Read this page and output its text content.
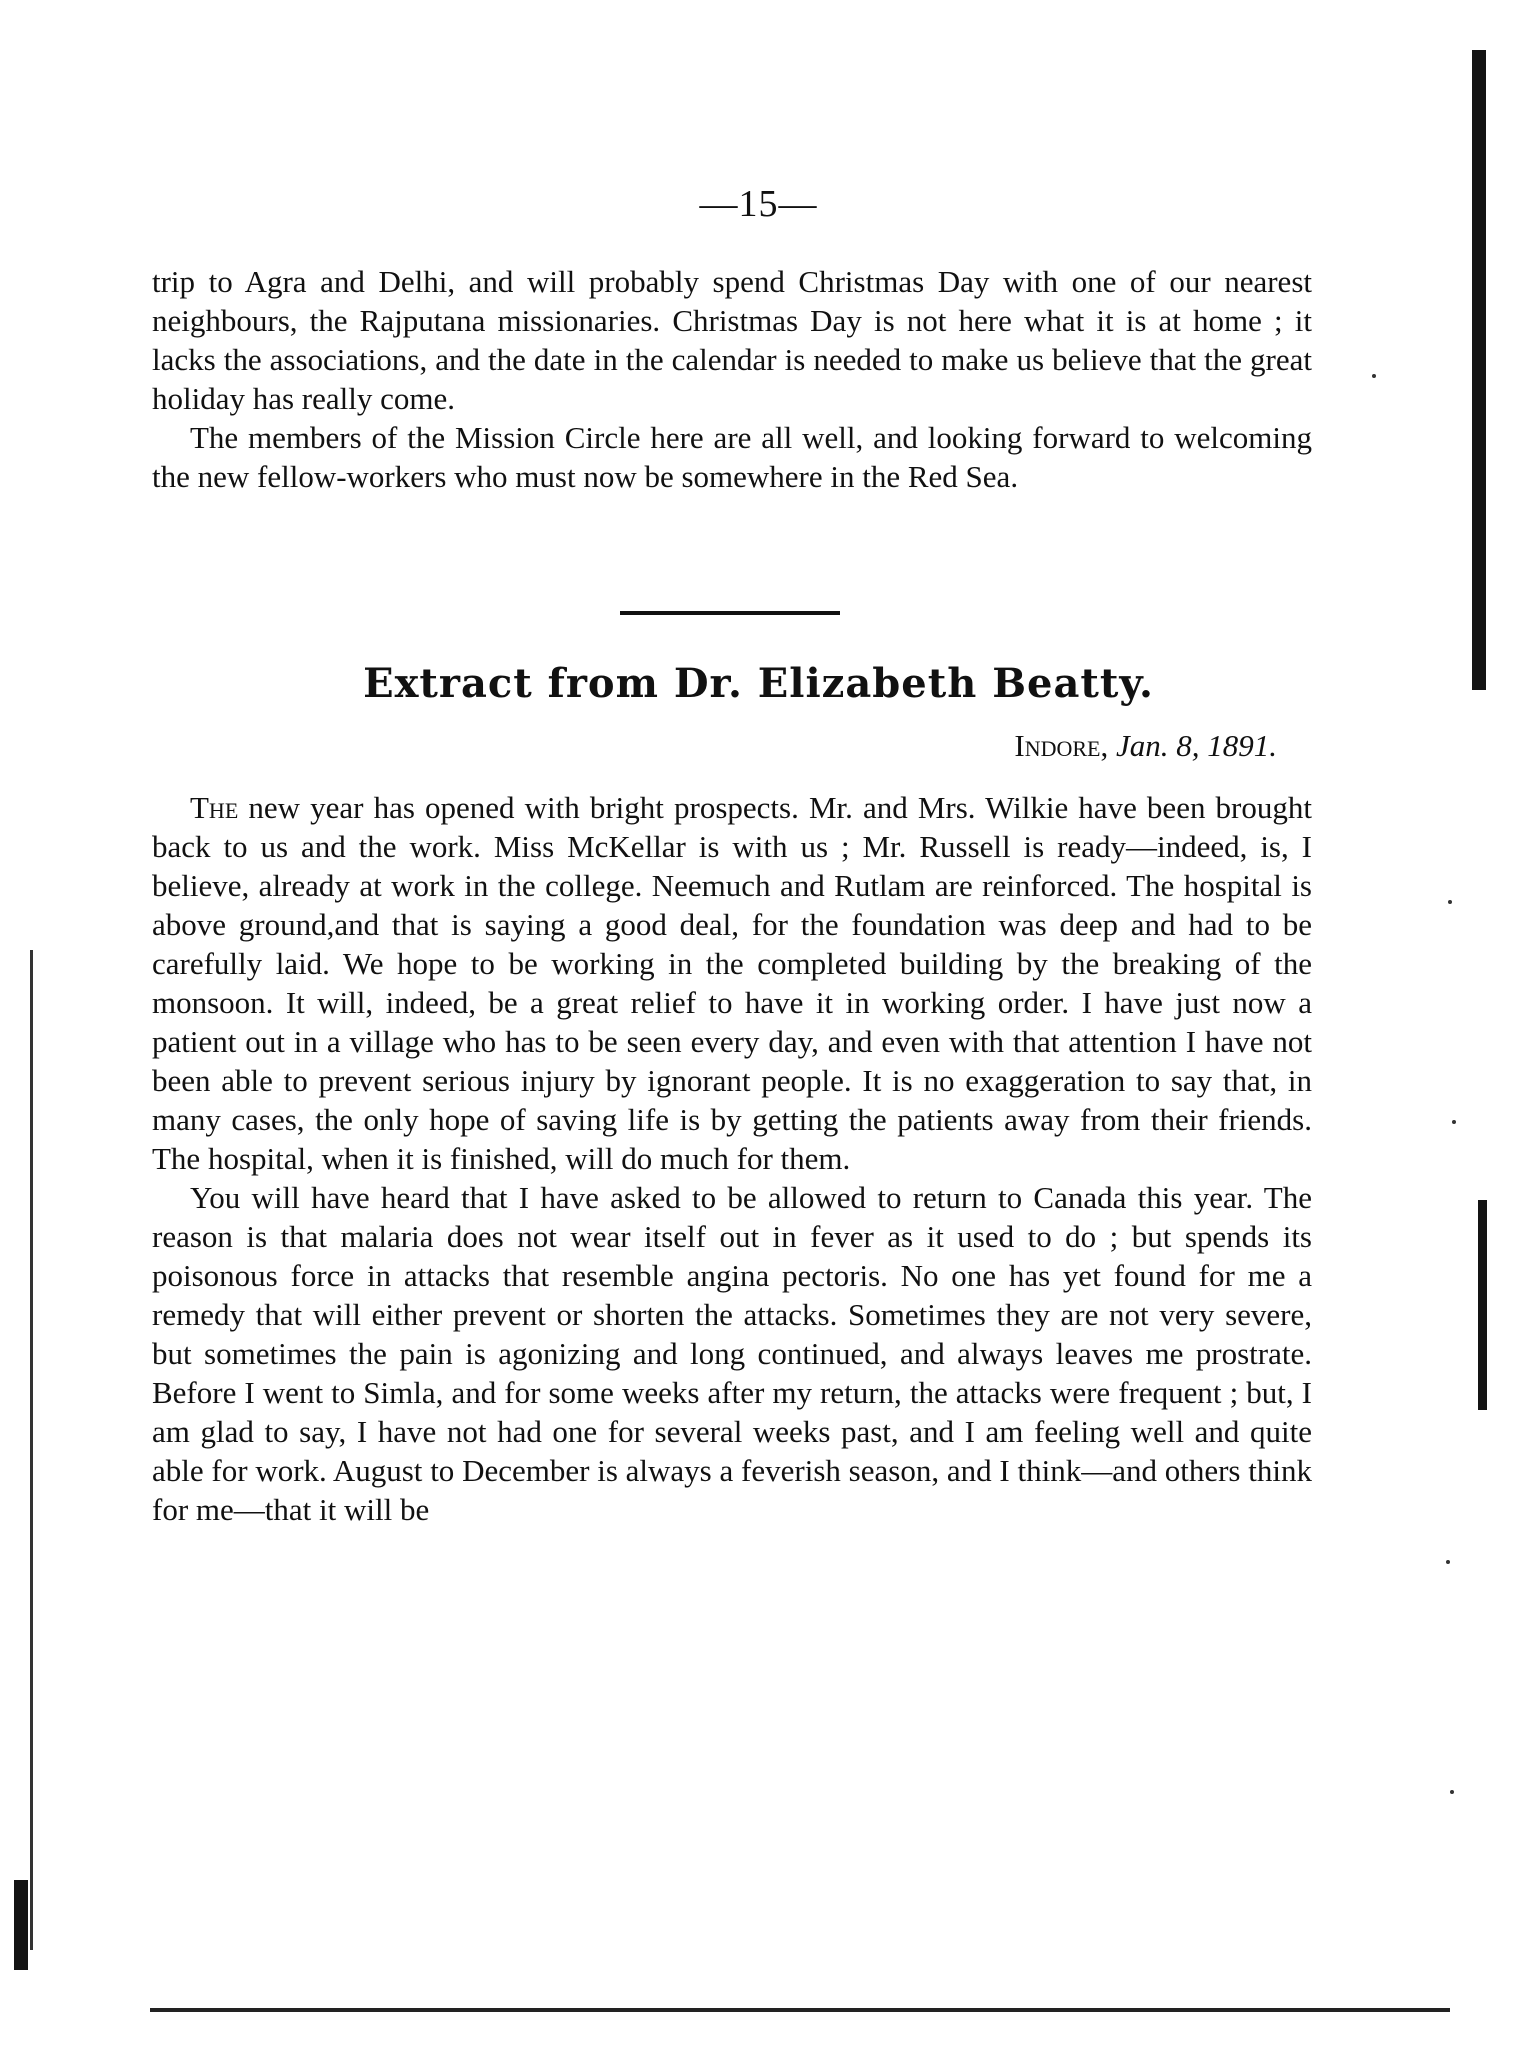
—15—

trip to Agra and Delhi, and will probably spend Christmas Day with one of our nearest neighbours, the Rajputana missionaries. Christmas Day is not here what it is at home ; it lacks the associations, and the date in the calendar is needed to make us believe that the great holiday has really come.

The members of the Mission Circle here are all well, and looking forward to welcoming the new fellow-workers who must now be somewhere in the Red Sea.

Extract from Dr. Elizabeth Beatty.
Indore, Jan. 8, 1891.

The new year has opened with bright prospects. Mr. and Mrs. Wilkie have been brought back to us and the work. Miss McKellar is with us ; Mr. Russell is ready—indeed, is, I believe, already at work in the college. Neemuch and Rutlam are reinforced. The hospital is above ground,and that is saying a good deal, for the foundation was deep and had to be carefully laid. We hope to be working in the completed building by the breaking of the monsoon. It will, indeed, be a great relief to have it in working order. I have just now a patient out in a village who has to be seen every day, and even with that attention I have not been able to prevent serious injury by ignorant people. It is no exaggeration to say that, in many cases, the only hope of saving life is by getting the patients away from their friends. The hospital, when it is finished, will do much for them.

You will have heard that I have asked to be allowed to return to Canada this year. The reason is that malaria does not wear itself out in fever as it used to do ; but spends its poisonous force in attacks that resemble angina pectoris. No one has yet found for me a remedy that will either prevent or shorten the attacks. Sometimes they are not very severe, but sometimes the pain is agonizing and long continued, and always leaves me prostrate. Before I went to Simla, and for some weeks after my return, the attacks were frequent ; but, I am glad to say, I have not had one for several weeks past, and I am feeling well and quite able for work. August to December is always a feverish season, and I think—and others think for me—that it will be
